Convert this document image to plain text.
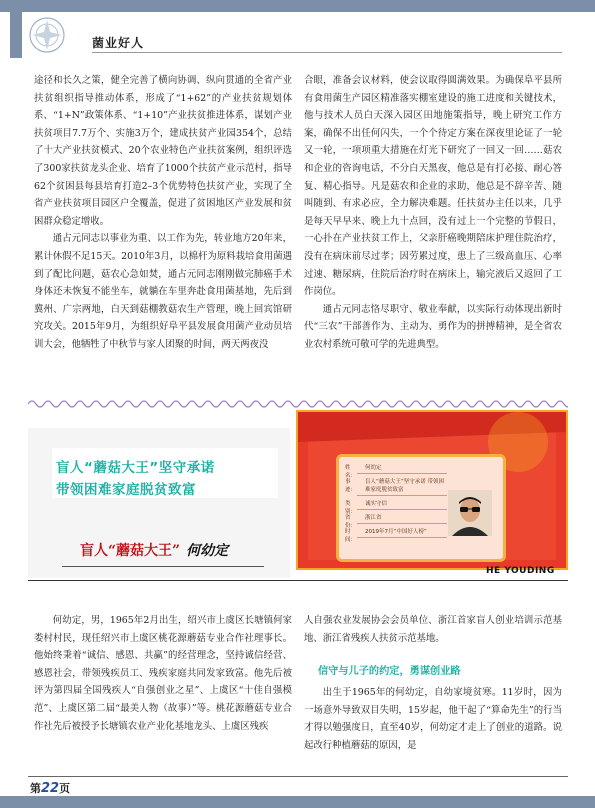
菌业好人

途径和长久之策，健全完善了横向协调、纵向贯通的全省产业扶贫组织指导推动体系，形成了“1+62”的产业扶贫规划体系、“1+N”政策体系、“1+10”产业扶贫推进体系，谋划产业扶贫项目7.7万个、实施3万个，建成扶贫产业园354个，总结了十大产业扶贫模式、20个农业特色产业扶贫案例，组织评选了300家扶贫龙头企业、培育了1000个扶贫产业示范村，指导62个贫困县每县培育打造2–3个优势特色扶贫产业，实现了全省产业扶贫项目园区户全覆盖，促进了贫困地区产业发展和贫困群众稳定增收。

通占元同志以事业为重、以工作为先，转业地方20年来，累计休假不足15天。2010年3月，以棉杆为原料栽培食用菌遇到了配比问题，菇农心急如焚，通占元同志刚刚做完肺癌手术身体还未恢复不能坐车，就躺在车里奔赴食用菌基地，先后到冀州、广宗两地，白天到菇棚教菇农生产管理，晚上回宾馆研究攻关。2015年9月，为组织好阜平县发展食用菌产业动员培训大会，他牺牲了中秋节与家人团聚的时间，两天两夜没

合眼，准备会议材料，使会议取得圆满效果。为确保阜平县所有食用菌生产园区精准落实棚室建设的施工进度和关键技术，他与技术人员白天深入园区田地施策指导，晚上研究工作方案，确保不出任何闪失，一个个待定方案在深夜里论证了一轮又一轮，一项项重大措施在灯光下研究了一回又一回……菇农和企业的咨询电话，不分白天黑夜，他总是有打必接、耐心答复、精心指导。凡是菇农和企业的求助，他总是不辞辛苦、随叫随到、有求必应，全力解决难题。任扶贫办主任以来，几乎是每天早早来、晚上九十点回，没有过上一个完整的节假日，一心扑在产业扶贫工作上，父亲肝癌晚期陪床护理住院治疗，没有在病床前尽过孝；因劳累过度，患上了三级高血压、心率过速、糖尿病，住院后治疗时在病床上，输完液后又返回了工作岗位。

通占元同志恪尽职守、敬业奉献，以实际行动体现出新时代“三农”干部善作为、主动为、勇作为的拼搏精神，是全省农业农村系统可敬可学的先进典型。

盲人“蘑菇大王”坚守承诺
带领困难家庭脱贫致富
盲人“蘑菇大王” 何幼定
姓名：
何幼定
事迹：
盲人“蘑菇大王”坚守承诺 带领困难家庭脱贫致富
类别：
诚实守信
省份：
浙江省
时间：
2019年7月“中国好人榜”
HE YOUDING

何幼定，男，1965年2月出生，绍兴市上虞区长塘镇何家娄村村民，现任绍兴市上虞区桃花源蘑菇专业合作社理事长。他始终秉着“诚信、感恩、共赢”的经营理念，坚持诚信经营、感恩社会，带领残疾员工、残疾家庭共同发家致富。他先后被评为第四届全国残疾人“自强创业之星”、上虞区“十佳自强模范”、上虞区第二届“最美人物（故事）”等。桃花源蘑菇专业合作社先后被授予长塘镇农业产业化基地龙头、上虞区残疾

人自强农业发展协会会员单位、浙江首家盲人创业培训示范基地、浙江省残疾人扶贫示范基地。

信守与儿子的约定，勇谋创业路

出生于1965年的何幼定，自幼家境贫寒。11岁时，因为一场意外导致双目失明，15岁起，他干起了“算命先生”的行当才得以勉强度日，直至40岁，何幼定才走上了创业的道路。说起改行种植蘑菇的原因，是

第22页
